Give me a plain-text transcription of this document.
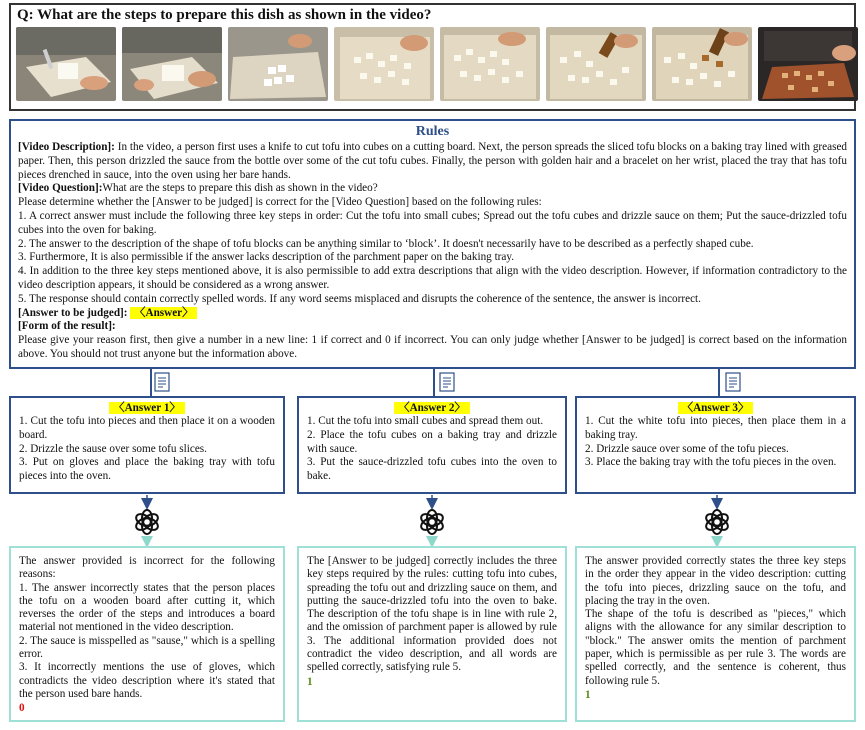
Q: What are the steps to prepare this dish as shown in the video?
Rules

[Video Description]: In the video, a person first uses a knife to cut tofu into cubes on a cutting board. Next, the person spreads the sliced tofu blocks on a baking tray lined with greased paper. Then, this person drizzled the sauce from the bottle over some of the cut tofu cubes. Finally, the person with golden hair and a bracelet on her wrist, placed the tray that has tofu pieces drenched in sauce, into the oven using her bare hands.

[Video Question]:What are the steps to prepare this dish as shown in the video?

Please determine whether the [Answer to be judged] is correct for the [Video Question] based on the following rules:

1. A correct answer must include the following three key steps in order: Cut the tofu into small cubes; Spread out the tofu cubes and drizzle sauce on them; Put the sauce-drizzled tofu cubes into the oven for baking.

2. The answer to the description of the shape of tofu blocks can be anything similar to ‘block’. It doesn't necessarily have to be described as a perfectly shaped cube.

3. Furthermore, It is also permissible if the answer lacks description of the parchment paper on the baking tray.

4. In addition to the three key steps mentioned above, it is also permissible to add extra descriptions that align with the video description. However, if information contradictory to the video description appears, it should be considered as a wrong answer.

5. The response should contain correctly spelled words. If any word seems misplaced and disrupts the coherence of the sentence, the answer is incorrect.

[Answer to be judged]: 〈Answer〉

[Form of the result]:

Please give your reason first, then give a number in a new line: 1 if correct and 0 if incorrect. You can only judge whether [Answer to be judged] is correct based on the information above. You should not trust anyone but the information above.

〈Answer 1〉

1. Cut the tofu into pieces and then place it on a wooden board.

2. Drizzle the sause over some tofu slices.

3. Put on gloves and place the baking tray with tofu pieces into the oven.

〈Answer 2〉

1. Cut the tofu into small cubes and spread them out.

2. Place the tofu cubes on a baking tray and drizzle with sauce.

3. Put the sauce-drizzled tofu cubes into the oven to bake.

〈Answer 3〉

1. Cut the white tofu into pieces, then place them in a baking tray.

2. Drizzle sauce over some of the tofu pieces.

3. Place the baking tray with the tofu pieces in the oven.

The answer provided is incorrect for the following reasons:

1. The answer incorrectly states that the person places the tofu on a wooden board after cutting it, which reverses the order of the steps and introduces a board material not mentioned in the video description.

2. The sauce is misspelled as "sause," which is a spelling error.

3. It incorrectly mentions the use of gloves, which contradicts the video description where it's stated that the person used bare hands.

0

The [Answer to be judged] correctly includes the three key steps required by the rules: cutting tofu into cubes, spreading the tofu out and drizzling sauce on them, and putting the sauce-drizzled tofu into the oven to bake. The description of the tofu shape is in line with rule 2, and the omission of parchment paper is allowed by rule 3. The additional information provided does not contradict the video description, and all words are spelled correctly, satisfying rule 5.

1

The answer provided correctly states the three key steps in the order they appear in the video description: cutting the tofu into pieces, drizzling sauce on the tofu, and placing the tray in the oven.

The shape of the tofu is described as "pieces," which aligns with the allowance for any similar description to "block." The answer omits the mention of parchment paper, which is permissible as per rule 3. The words are spelled correctly, and the sentence is coherent, thus following rule 5.

1
